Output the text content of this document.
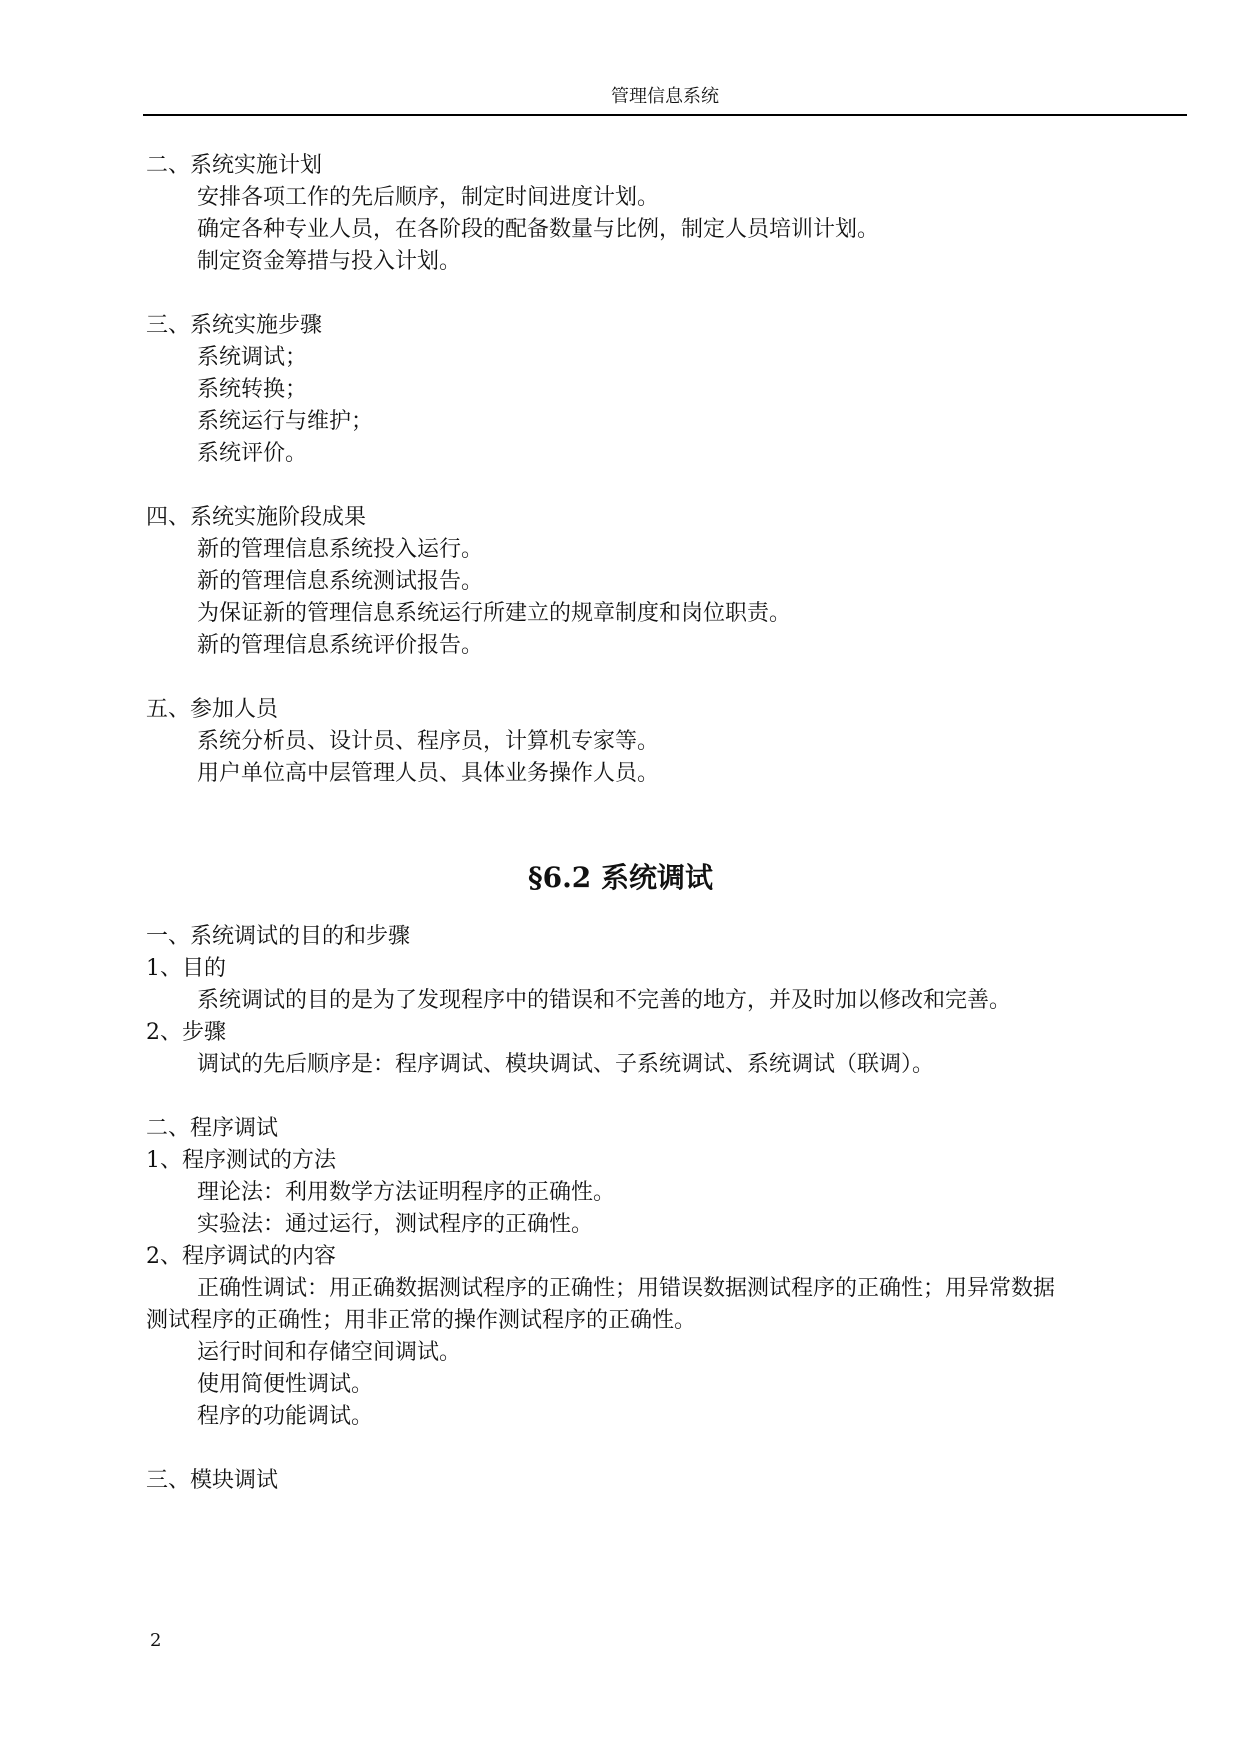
管理信息系统
二、系统实施计划
安排各项工作的先后顺序，制定时间进度计划。
确定各种专业人员，在各阶段的配备数量与比例，制定人员培训计划。
制定资金筹措与投入计划。
三、系统实施步骤
系统调试；
系统转换；
系统运行与维护；
系统评价。
四、系统实施阶段成果
新的管理信息系统投入运行。
新的管理信息系统测试报告。
为保证新的管理信息系统运行所建立的规章制度和岗位职责。
新的管理信息系统评价报告。
五、参加人员
系统分析员、设计员、程序员，计算机专家等。
用户单位高中层管理人员、具体业务操作人员。
§6.2 系统调试
一、系统调试的目的和步骤
1、目的
系统调试的目的是为了发现程序中的错误和不完善的地方，并及时加以修改和完善。
2、步骤
调试的先后顺序是：程序调试、模块调试、子系统调试、系统调试（联调）。
二、程序调试
1、程序测试的方法
理论法：利用数学方法证明程序的正确性。
实验法：通过运行，测试程序的正确性。
2、程序调试的内容
正确性调试：用正确数据测试程序的正确性；用错误数据测试程序的正确性；用异常数据
测试程序的正确性；用非正常的操作测试程序的正确性。
运行时间和存储空间调试。
使用简便性调试。
程序的功能调试。
三、模块调试
2
